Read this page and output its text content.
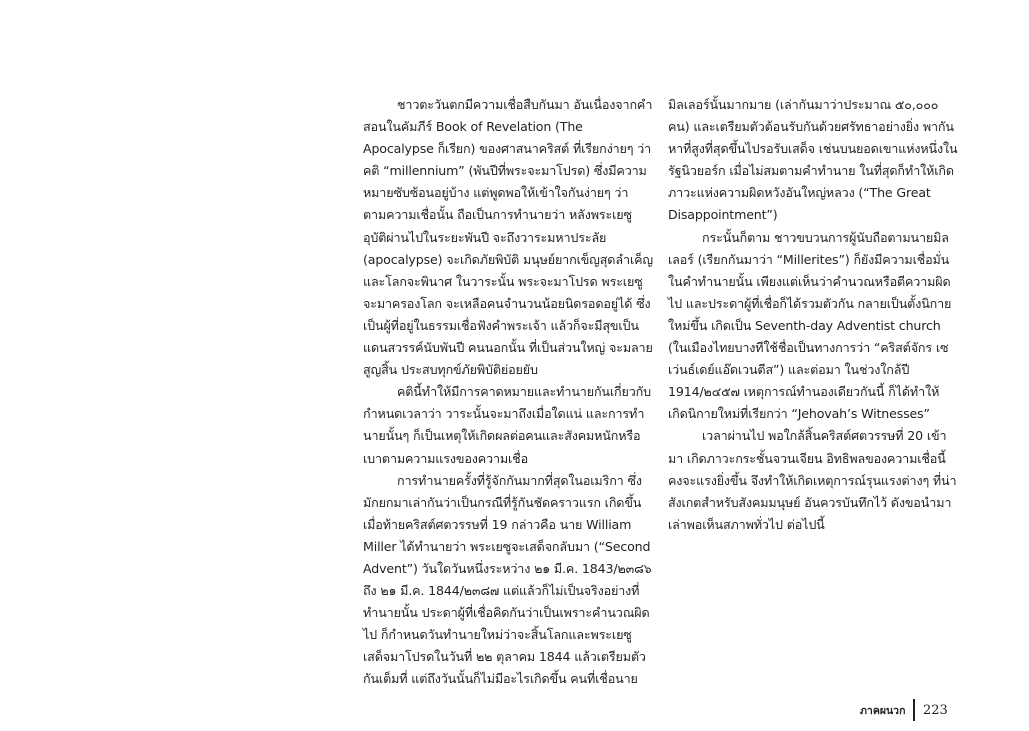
ชาวตะวันตกมีความเชื่อสืบกันมา อันเนื่องจากคำสอนในคัมภีร์ Book of Revelation (The Apocalypse ก็เรียก) ของศาสนาคริสต์ ที่เรียกง่ายๆ ว่า คติ “millennium” (พันปีที่พระจะมาโปรด) ซึ่งมีความหมายซับซ้อนอยู่บ้าง แต่พูดพอให้เข้าใจกันง่ายๆ ว่า ตามความเชื่อนั้น ถือเป็นการทำนายว่า หลังพระเยซูอุบัติผ่านไปในระยะพันปี จะถึงวาระมหาประลัย (apocalypse) จะเกิดภัยพิบัติ มนุษย์ยากเข็ญสุดลำเค็ญและโลกจะพินาศ ในวาระนั้น พระจะมาโปรด พระเยซูจะมาครองโลก จะเหลือคนจำนวนน้อยนิดรอดอยู่ได้ ซึ่งเป็นผู้ที่อยู่ในธรรมเชื่อฟังคำพระเจ้า แล้วก็จะมีสุขเป็นแดนสวรรค์นับพันปี คนนอกนั้น ที่เป็นส่วนใหญ่ จะมลายสูญสิ้น ประสบทุกข์ภัยพิบัติย่อยยับ

คตินี้ทำให้มีการคาดหมายและทำนายกันเกี่ยวกับกำหนดเวลาว่า วาระนั้นจะมาถึงเมื่อใดแน่ และการทำนายนั้นๆ ก็เป็นเหตุให้เกิดผลต่อคนและสังคมหนักหรือเบาตามความแรงของความเชื่อ

การทำนายครั้งที่รู้จักกันมากที่สุดในอเมริกา ซึ่งมักยกมาเล่ากันว่าเป็นกรณีที่รู้กันชัดคราวแรก เกิดขึ้นเมื่อท้ายคริสต์ศตวรรษที่ 19 กล่าวคือ นาย William Miller ได้ทำนายว่า พระเยซูจะเสด็จกลับมา (“Second Advent”) วันใดวันหนึ่งระหว่าง ๒๑ มี.ค. 1843/๒๓๘๖ ถึง ๒๑ มี.ค. 1844/๒๓๘๗ แต่แล้วก็ไม่เป็นจริงอย่างที่ทำนายนั้น ประดาผู้ที่เชื่อคิดกันว่าเป็นเพราะคำนวณผิดไป ก็กำหนดวันทำนายใหม่ว่าจะสิ้นโลกและพระเยซูเสด็จมาโปรดในวันที่ ๒๒ ตุลาคม 1844 แล้วเตรียมตัวกันเต็มที่ แต่ถึงวันนั้นก็ไม่มีอะไรเกิดขึ้น คนที่เชื่อนาย

มิลเลอร์นั้นมากมาย (เล่ากันมาว่าประมาณ ๕๐,๐๐๐ คน) และเตรียมตัวต้อนรับกันด้วยศรัทธาอย่างยิ่ง พากันหาที่สูงที่สุดขึ้นไปรอรับเสด็จ เช่นบนยอดเขาแห่งหนึ่งในรัฐนิวยอร์ก เมื่อไม่สมตามคำทำนาย ในที่สุดก็ทำให้เกิดภาวะแห่งความผิดหวังอันใหญ่หลวง (“The Great Disappointment”)

กระนั้นก็ตาม ชาวขบวนการผู้นับถือตามนายมิลเลอร์ (เรียกกันมาว่า “Millerites”) ก็ยังมีความเชื่อมั่นในคำทำนายนั้น เพียงแต่เห็นว่าคำนวณหรือตีความผิดไป และประดาผู้ที่เชื่อก็ได้รวมตัวกัน กลายเป็นตั้งนิกายใหม่ขึ้น เกิดเป็น Seventh-day Adventist church (ในเมืองไทยบางทีใช้ชื่อเป็นทางการว่า “คริสต์จักร เซเว่นธ์เดย์แอ๊ดเวนตีส”) และต่อมา ในช่วงใกล้ปี 1914/๒๔๕๗ เหตุการณ์ทำนองเดียวกันนี้ ก็ได้ทำให้เกิดนิกายใหม่ที่เรียกว่า “Jehovah’s Witnesses”

เวลาผ่านไป พอใกล้สิ้นคริสต์ศตวรรษที่ 20 เข้ามา เกิดภาวะกระชั้นจวนเจียน อิทธิพลของความเชื่อนี้คงจะแรงยิ่งขึ้น จึงทำให้เกิดเหตุการณ์รุนแรงต่างๆ ที่น่าสังเกตสำหรับสังคมมนุษย์ อันควรบันทึกไว้ ดังขอนำมาเล่าพอเห็นสภาพทั่วไป ต่อไปนี้

ภาคผนวก	223
